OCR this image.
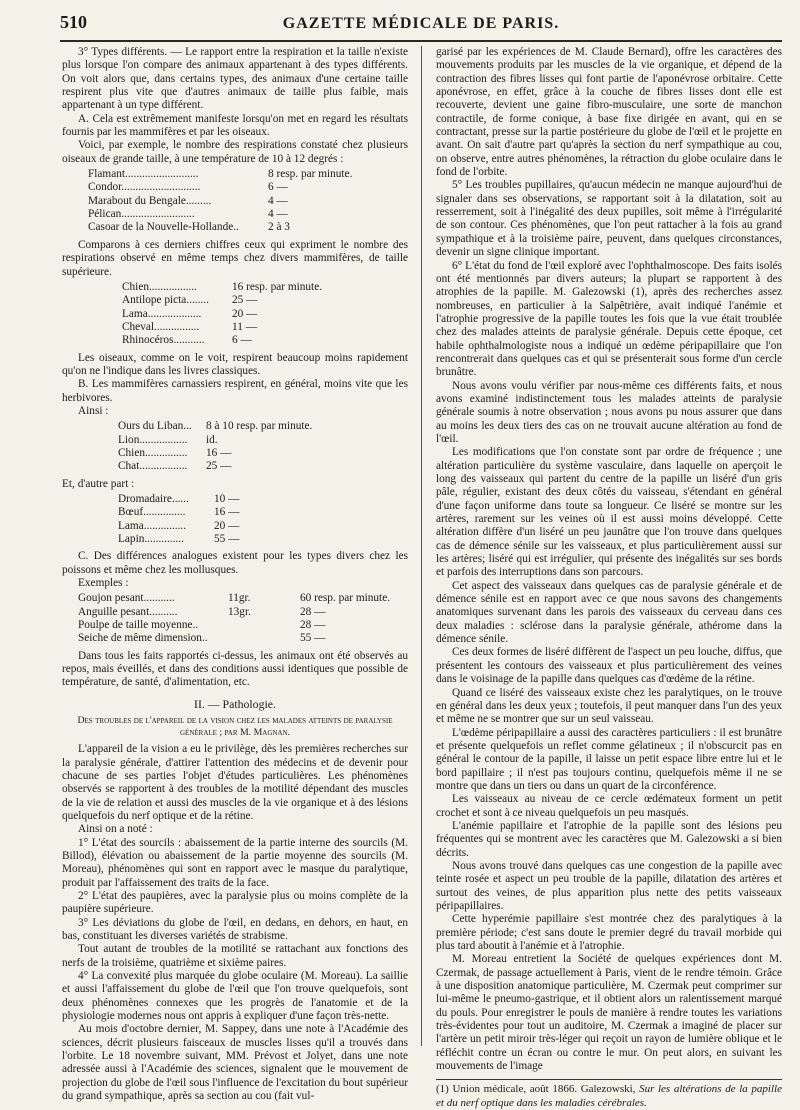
510	GAZETTE MÉDICALE DE PARIS.

3° Types différents. — Le rapport entre la respiration et la taille n'existe plus lorsque l'on compare des animaux appartenant à des types différents. On voit alors que, dans certains types, des animaux d'une certaine taille respirent plus vite que d'autres animaux de taille plus faible, mais appartenant à un type différent.

A. Cela est extrêmement manifeste lorsqu'on met en regard les résultats fournis par les mammifères et par les oiseaux.

Voici, par exemple, le nombre des respirations constaté chez plusieurs oiseaux de grande taille, à une température de 10 à 12 degrés :

Flamant..........................	8 resp. par minute.
Condor............................	6 —
Marabout du Bengale.........	4 —
Pélican..........................	4 —
Casoar de la Nouvelle-Hollande..	2 à 3

Comparons à ces derniers chiffres ceux qui expriment le nombre des respirations observé en même temps chez divers mammifères, de taille supérieure.

Chien.................	16 resp. par minute.
Antilope picta........	25 —
Lama...................	20 —
Cheval................	11 —
Rhinocéros...........	6 —

Les oiseaux, comme on le voit, respirent beaucoup moins rapidement qu'on ne l'indique dans les livres classiques.

B. Les mammifères carnassiers respirent, en général, moins vite que les herbivores.

Ainsi :

Ours du Liban...	8 à 10 resp. par minute.
Lion.................	id.
Chien...............	16 —
Chat.................	25 —

Et, d'autre part :

Dromadaire......	10 —
Bœuf...............	16 —
Lama...............	20 —
Lapin..............	55 —

C. Des différences analogues existent pour les types divers chez les poissons et même chez les mollusques.

Exemples :

Goujon pesant...........	11gr.	60 resp. par minute.
Anguille pesant..........	13gr.	28 —
Poulpe de taille moyenne..	28 —
Seiche de même dimension..	55 —

Dans tous les faits rapportés ci-dessus, les animaux ont été observés au repos, mais éveillés, et dans des conditions aussi identiques que possible de température, de santé, d'alimentation, etc.

II. — Pathologie.

Des troubles de l'appareil de la vision chez les malades atteints de paralysie générale ; par M. Magnan.

L'appareil de la vision a eu le privilège, dès les premières recherches sur la paralysie générale, d'attirer l'attention des médecins et de devenir pour chacune de ses parties l'objet d'études particulières. Les phénomènes observés se rapportent à des troubles de la motilité dépendant des muscles de la vie de relation et aussi des muscles de la vie organique et à des lésions quelquefois du nerf optique et de la rétine.

Ainsi on a noté :

1° L'état des sourcils : abaissement de la partie interne des sourcils (M. Billod), élévation ou abaissement de la partie moyenne des sourcils (M. Moreau), phénomènes qui sont en rapport avec le masque du paralytique, produit par l'affaissement des traits de la face.

2° L'état des paupières, avec la paralysie plus ou moins complète de la paupière supérieure.

3° Les déviations du globe de l'œil, en dedans, en dehors, en haut, en bas, constituant les diverses variétés de strabisme.

Tout autant de troubles de la motilité se rattachant aux fonctions des nerfs de la troisième, quatrième et sixième paires.

4° La convexité plus marquée du globe oculaire (M. Moreau). La saillie et aussi l'affaissement du globe de l'œil que l'on trouve quelquefois, sont deux phénomènes connexes que les progrès de l'anatomie et de la physiologie modernes nous ont appris à expliquer d'une façon très-nette.

Au mois d'octobre dernier, M. Sappey, dans une note à l'Académie des sciences, décrit plusieurs faisceaux de muscles lisses qu'il a trouvés dans l'orbite. Le 18 novembre suivant, MM. Prévost et Jolyet, dans une note adressée aussi à l'Académie des sciences, signalent que le mouvement de projection du globe de l'œil sous l'influence de l'excitation du bout supérieur du grand sympathique, après sa section au cou (fait vul-

garisé par les expériences de M. Claude Bernard), offre les caractères des mouvements produits par les muscles de la vie organique, et dépend de la contraction des fibres lisses qui font partie de l'aponévrose orbitaire. Cette aponévrose, en effet, grâce à la couche de fibres lisses dont elle est recouverte, devient une gaine fibro-musculaire, une sorte de manchon contractile, de forme conique, à base fixe dirigée en avant, qui en se contractant, presse sur la partie postérieure du globe de l'œil et le projette en avant. On sait d'autre part qu'après la section du nerf sympathique au cou, on observe, entre autres phénomènes, la rétraction du globe oculaire dans le fond de l'orbite.

5° Les troubles pupillaires, qu'aucun médecin ne manque aujourd'hui de signaler dans ses observations, se rapportant soit à la dilatation, soit au resserrement, soit à l'inégalité des deux pupilles, soit même à l'irrégularité de son contour. Ces phénomènes, que l'on peut rattacher à la fois au grand sympathique et à la troisième paire, peuvent, dans quelques circonstances, devenir un signe clinique important.

6° L'état du fond de l'œil exploré avec l'ophthalmoscope. Des faits isolés ont été mentionnés par divers auteurs; la plupart se rapportent à des atrophies de la papille. M. Galezowski (1), après des recherches assez nombreuses, en particulier à la Salpêtrière, avait indiqué l'anémie et l'atrophie progressive de la papille toutes les fois que la vue était troublée chez des malades atteints de paralysie générale. Depuis cette époque, cet habile ophthalmologiste nous a indiqué un œdème péripapillaire que l'on rencontrerait dans quelques cas et qui se présenterait sous forme d'un cercle brunâtre.

Nous avons voulu vérifier par nous-même ces différents faits, et nous avons examiné indistinctement tous les malades atteints de paralysie générale soumis à notre observation ; nous avons pu nous assurer que dans au moins les deux tiers des cas on ne trouvait aucune altération au fond de l'œil.

Les modifications que l'on constate sont par ordre de fréquence ; une altération particulière du système vasculaire, dans laquelle on aperçoit le long des vaisseaux qui partent du centre de la papille un liséré d'un gris pâle, régulier, existant des deux côtés du vaisseau, s'étendant en général d'une façon uniforme dans toute sa longueur. Ce liséré se montre sur les artères, rarement sur les veines où il est aussi moins développé. Cette altération diffère d'un liséré un peu jaunâtre que l'on trouve dans quelques cas de démence sénile sur les vaisseaux, et plus particulièrement aussi sur les artères; liséré qui est irrégulier, qui présente des inégalités sur ses bords et parfois des interruptions dans son parcours.

Cet aspect des vaisseaux dans quelques cas de paralysie générale et de démence sénile est en rapport avec ce que nous savons des changements anatomiques survenant dans les parois des vaisseaux du cerveau dans ces deux maladies : sclérose dans la paralysie générale, athérome dans la démence sénile.

Ces deux formes de liséré diffèrent de l'aspect un peu louche, diffus, que présentent les contours des vaisseaux et plus particulièrement des veines dans le voisinage de la papille dans quelques cas d'œdème de la rétine.

Quand ce liséré des vaisseaux existe chez les paralytiques, on le trouve en général dans les deux yeux ; toutefois, il peut manquer dans l'un des yeux et même ne se montrer que sur un seul vaisseau.

L'œdème péripapillaire a aussi des caractères particuliers : il est brunâtre et présente quelquefois un reflet comme gélatineux ; il n'obscurcit pas en général le contour de la papille, il laisse un petit espace libre entre lui et le bord papillaire ; il n'est pas toujours continu, quelquefois même il ne se montre que dans un tiers ou dans un quart de la circonférence.

Les vaisseaux au niveau de ce cercle œdémateux forment un petit crochet et sont à ce niveau quelquefois un peu masqués.

L'anémie papillaire et l'atrophie de la papille sont des lésions peu fréquentes qui se montrent avec les caractères que M. Galezowski a si bien décrits.

Nous avons trouvé dans quelques cas une congestion de la papille avec teinte rosée et aspect un peu trouble de la papille, dilatation des artères et surtout des veines, de plus apparition plus nette des petits vaisseaux péripapillaires.

Cette hyperémie papillaire s'est montrée chez des paralytiques à la première période; c'est sans doute le premier degré du travail morbide qui plus tard aboutit à l'anémie et à l'atrophie.

M. Moreau entretient la Société de quelques expériences dont M. Czermak, de passage actuellement à Paris, vient de le rendre témoin. Grâce à une disposition anatomique particulière, M. Czermak peut comprimer sur lui-même le pneumo-gastrique, et il obtient alors un ralentissement marqué du pouls. Pour enregistrer le pouls de manière à rendre toutes les variations très-évidentes pour tout un auditoire, M. Czermak a imaginé de placer sur l'artère un petit miroir très-léger qui reçoit un rayon de lumière oblique et le réfléchit contre un écran ou contre le mur. On peut alors, en suivant les mouvements de l'image

(1) Union médicale, août 1866. Galezowski, Sur les altérations de la papille et du nerf optique dans les maladies cérébrales.
